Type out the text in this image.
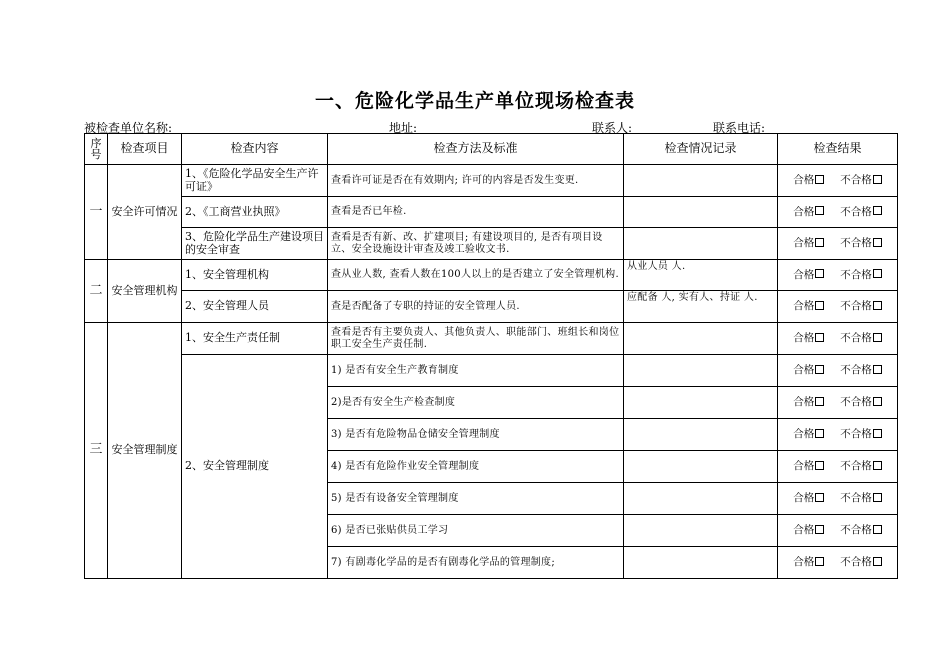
一、危险化学品生产单位现场检查表
被检查单位名称:	地址:	联系人:	联系电话:
序号	检查项目	检查内容	检查方法及标准	检查情况记录	检查结果
一	安全许可情况	1、《危险化学品安全生产许可证》	查看许可证是否在有效期内; 许可的内容是否发生变更.		合格 不合格
		2、《工商营业执照》	查看是否已年检.		合格 不合格
		3、危险化学品生产建设项目的安全审查	查看是否有新、改、扩建项目; 有建设项目的, 是否有项目设立、安全设施设计审查及竣工验收文书.		合格 不合格
二	安全管理机构	1、安全管理机构	查从业人数, 查看人数在100人以上的是否建立了安全管理机构.	从业人员 人.	合格 不合格
		2、安全管理人员	查是否配备了专职的持证的安全管理人员.	应配备 人, 实有人、持证 人.	合格 不合格
三	安全管理制度	1、安全生产责任制	查看是否有主要负责人、其他负责人、职能部门、班组长和岗位职工安全生产责任制.		合格 不合格
		2、安全管理制度	1) 是否有安全生产教育制度		合格 不合格
			2)是否有安全生产检查制度		合格 不合格
			3) 是否有危险物品仓储安全管理制度		合格 不合格
			4) 是否有危险作业安全管理制度		合格 不合格
			5) 是否有设备安全管理制度		合格 不合格
			6) 是否已张贴供员工学习		合格 不合格
			7) 有剧毒化学品的是否有剧毒化学品的管理制度;		合格 不合格
